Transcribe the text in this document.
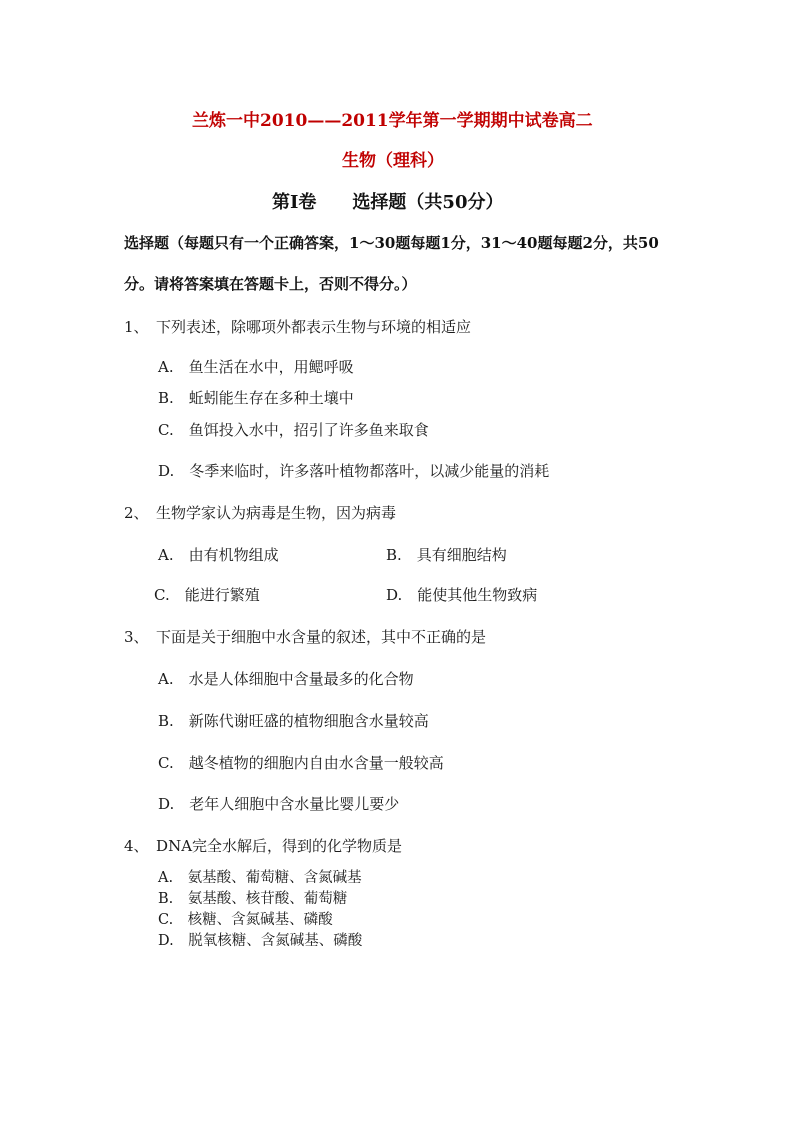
兰炼一中2010——2011学年第一学期期中试卷高二
生物（理科）
第Ⅰ卷　　选择题（共50分）
选择题（每题只有一个正确答案，1～30题每题1分，31～40题每题2分，共50
分。请将答案填在答题卡上，否则不得分。）
1、　下列表述，除哪项外都表示生物与环境的相适应
A.　鱼生活在水中，用鳃呼吸
B.　蚯蚓能生存在多种土壤中
C.　鱼饵投入水中，招引了许多鱼来取食
D.　冬季来临时，许多落叶植物都落叶，以减少能量的消耗
2、　生物学家认为病毒是生物，因为病毒
A.　由有机物组成	B.　具有细胞结构
C.　能进行繁殖	D.　能使其他生物致病
3、　下面是关于细胞中水含量的叙述，其中不正确的是
A.　水是人体细胞中含量最多的化合物
B.　新陈代谢旺盛的植物细胞含水量较高
C.　越冬植物的细胞内自由水含量一般较高
D.　老年人细胞中含水量比婴儿要少
4、　DNA完全水解后，得到的化学物质是
A.　氨基酸、葡萄糖、含氮碱基
B.　氨基酸、核苷酸、葡萄糖
C.　核糖、含氮碱基、磷酸
D.　脱氧核糖、含氮碱基、磷酸
